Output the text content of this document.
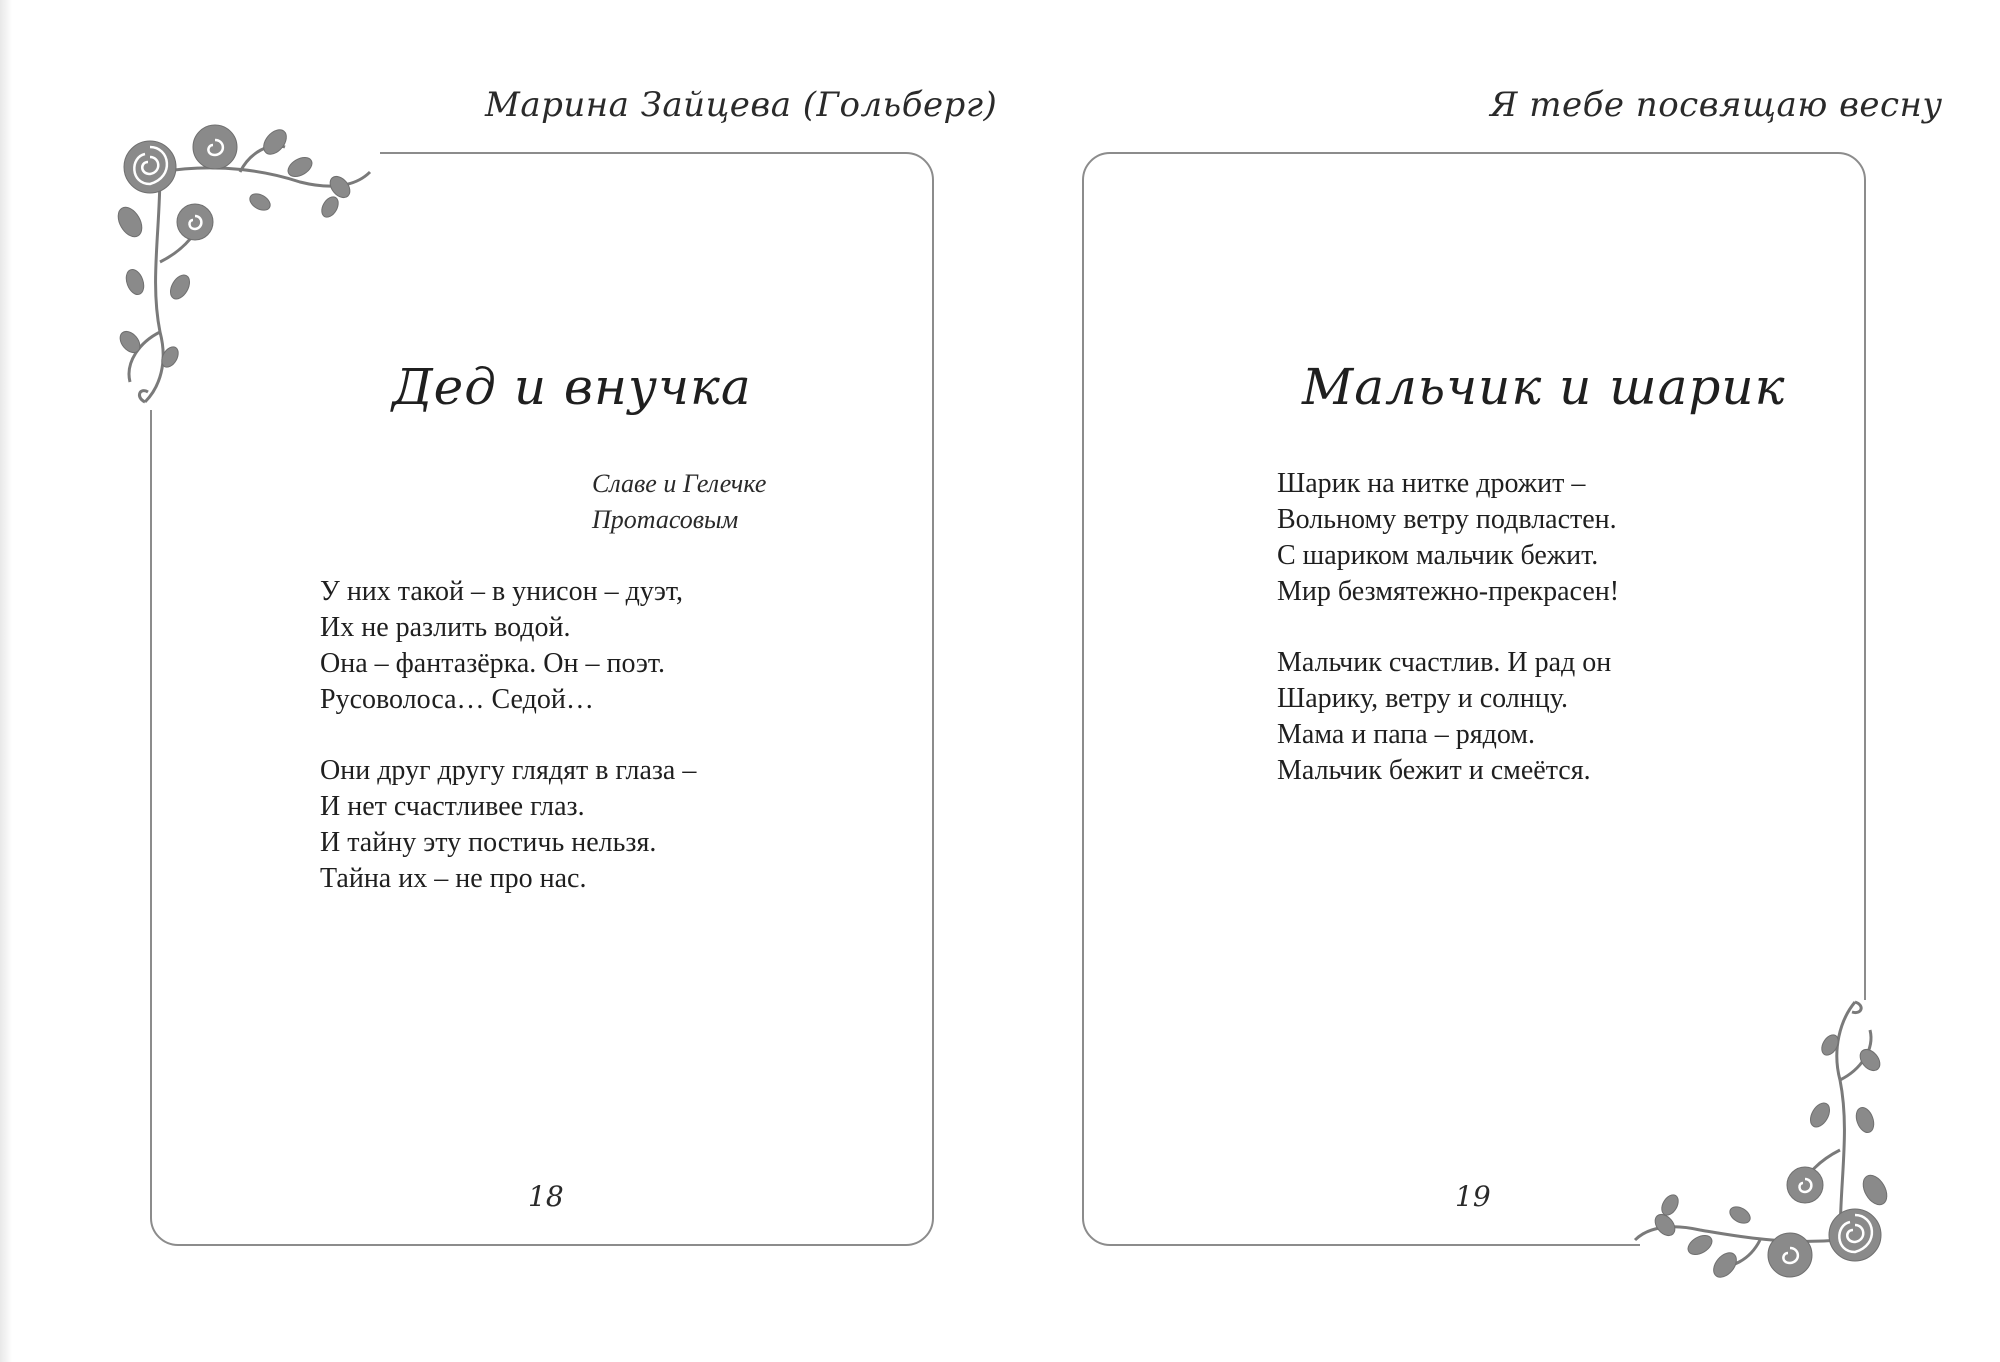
Марина Зайцева (Гольберг)	Я тебе посвящаю весну
Дед и внучка
Славе и Гелечке
Протасовым
У них такой – в унисон – дуэт,
Их не разлить водой.
Она – фантазёрка. Он – поэт.
Русоволоса… Седой…
Они друг другу глядят в глаза –
И нет счастливее глаз.
И тайну эту постичь нельзя.
Тайна их – не про нас.
18
Мальчик и шарик
Шарик на нитке дрожит –
Вольному ветру подвластен.
С шариком мальчик бежит.
Мир безмятежно-прекрасен!
Мальчик счастлив. И рад он
Шарику, ветру и солнцу.
Мама и папа – рядом.
Мальчик бежит и смеётся.
19
